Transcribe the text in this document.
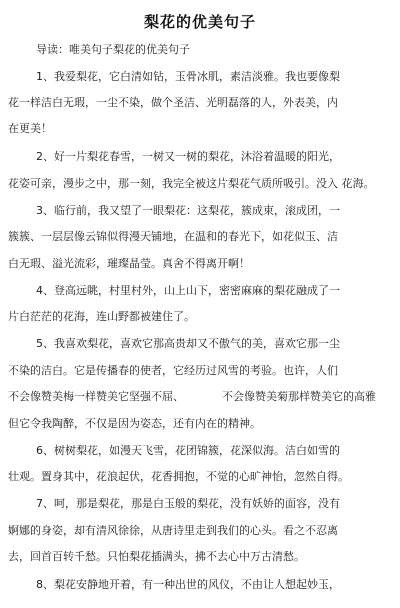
梨花的优美句子
导读：唯美句子梨花的优美句子
1、我爱梨花，它白清如钻，玉骨冰肌，素洁淡雅。我也要像梨
花一样洁白无瑕，一尘不染，做个圣洁、光明磊落的人，外表美，内
在更美！
2、好一片梨花春雪，一树又一树的梨花，沐浴着温暖的阳光，
花姿可亲，漫步之中，那一刻，我完全被这片梨花气质所吸引。没入 花海。
3、临行前，我又望了一眼梨花：这梨花，簇成束，滚成团，一
簇簇、一层层像云锦似得漫天铺地，在温和的春光下，如花似玉、洁
白无瑕、溢光流彩，璀璨晶莹。真舍不得离开啊！
4、登高远眺，村里村外，山上山下，密密麻麻的梨花融成了一
片白茫茫的花海，连山野都被建住了。
5、我喜欢梨花，喜欢它那高贵却又不傲气的美，喜欢它那一尘
不染的洁白。它是传播春的使者，它经历过风雪的考验。也许，人们
不会像赞美梅一样赞美它坚强不屈、	不会像赞美菊那样赞美它的高雅
但它令我陶醉，不仅是因为姿态，还有内在的精神。
6、树树梨花，如漫天飞雪，花团锦簇，花深似海。洁白如雪的
壮观。置身其中，花浪起伏，花香拥抱，不觉的心旷神怡，忽然自得。
7、呵，那是梨花，那是白玉般的梨花，没有妖娇的面容，没有
婀娜的身姿，却有清风徐徐，从唐诗里走到我们的心头。看之不忍离
去，回首百转千愁。只怕梨花插满头，拂不去心中万古清愁。
8、梨花安静地开着，有一种出世的风仪，不由让人想起妙玉，
